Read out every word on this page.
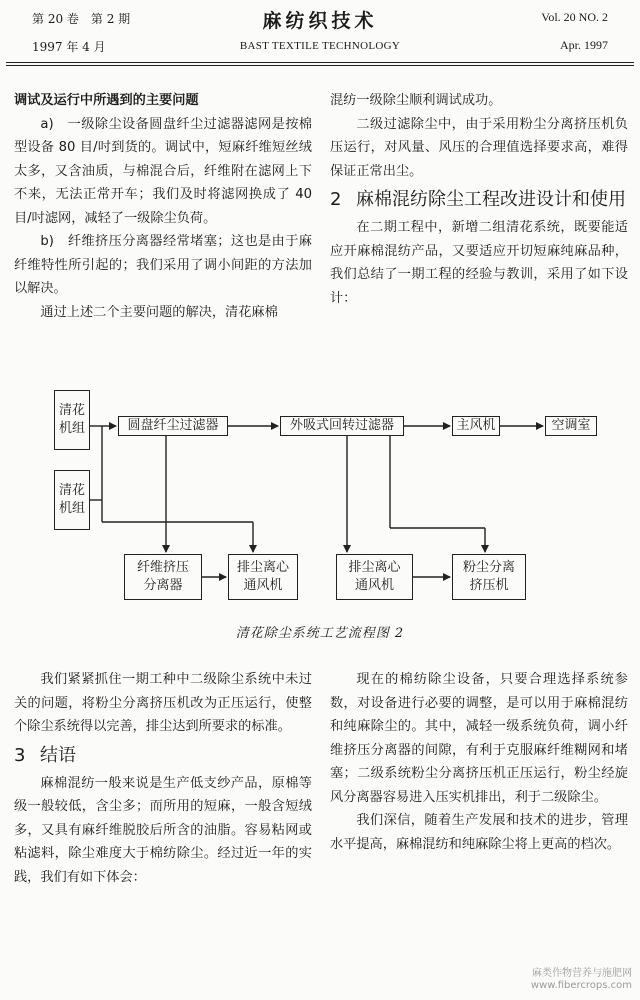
第 20 卷　第 2 期
1997 年 4 月
麻纺织技术
BAST TEXTILE TECHNOLOGY
Vol. 20 NO. 2
Apr. 1997

调试及运行中所遇到的主要问题

a)　一级除尘设备圆盘纤尘过滤器滤网是按棉型设备 80 目/吋到货的。调试中，短麻纤维短丝绒太多，又含油质，与棉混合后，纤维附在滤网上下不来，无法正常开车；我们及时将滤网换成了 40 目/吋滤网，减轻了一级除尘负荷。

b)　纤维挤压分离器经常堵塞；这也是由于麻纤维特性所引起的；我们采用了调小间距的方法加以解决。

通过上述二个主要问题的解决，清花麻棉

混纺一级除尘顺利调试成功。

二级过滤除尘中，由于采用粉尘分离挤压机负压运行，对风量、风压的合理值选择要求高，难得保证正常出尘。

2 麻棉混纺除尘工程改进设计和使用

在二期工程中，新增二组清花系统，既要能适应开麻棉混纺产品，又要适应开切短麻纯麻品种，我们总结了一期工程的经验与教训，采用了如下设计：

清花机组
清花机组
圆盘纤尘过滤器	外吸式回转过滤器	主风机	空调室
纤维挤压
分离器
排尘离心
通风机
排尘离心
通风机
粉尘分离
挤压机
清花除尘系统工艺流程图 2

我们紧紧抓住一期工种中二级除尘系统中未过关的问题，将粉尘分离挤压机改为正压运行，使整个除尘系统得以完善，排尘达到所要求的标准。

3 结语

麻棉混纺一般来说是生产低支纱产品，原棉等级一般较低，含尘多；而所用的短麻，一般含短绒多，又具有麻纤维脱胶后所含的油脂。容易粘网或粘滤料，除尘难度大于棉纺除尘。经过近一年的实践，我们有如下体会：

现在的棉纺除尘设备，只要合理选择系统参数，对设备进行必要的调整，是可以用于麻棉混纺和纯麻除尘的。其中，减轻一级系统负荷，调小纤维挤压分离器的间隙，有利于克服麻纤维糊网和堵塞；二级系统粉尘分离挤压机正压运行，粉尘经旋风分离器容易进入压实机排出，利于二级除尘。

我们深信，随着生产发展和技术的进步，管理水平提高，麻棉混纺和纯麻除尘将上更高的档次。

麻类作物营养与施肥网
www.fibercrops.com
